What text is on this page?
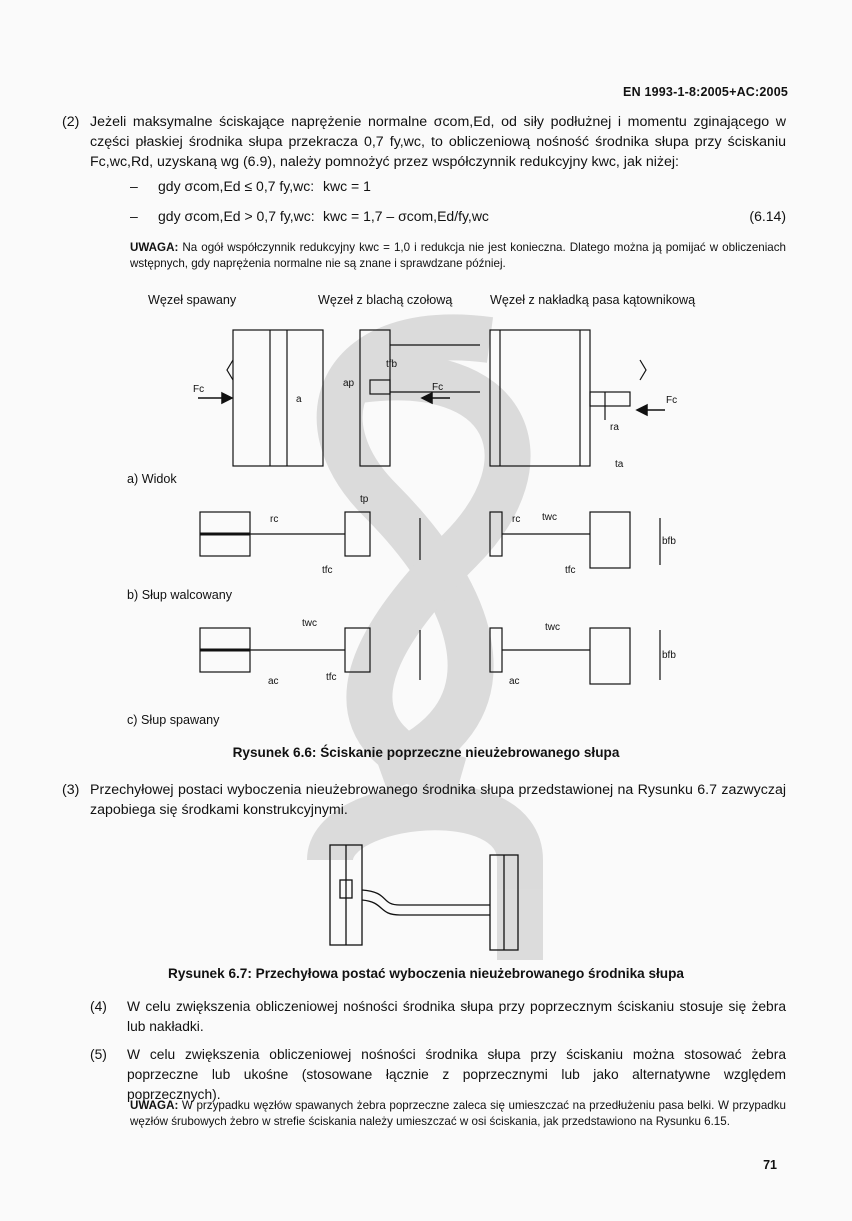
EN 1993-1-8:2005+AC:2005
(2) Jeżeli maksymalne ściskające naprężenie normalne σcom,Ed, od siły podłużnej i momentu zginającego w części płaskiej środnika słupa przekracza 0,7 fy,wc, to obliczeniową nośność środnika słupa przy ściskaniu Fc,wc,Rd, uzyskaną wg (6.9), należy pomnożyć przez współczynnik redukcyjny kwc, jak niżej:
– gdy σcom,Ed ≤ 0,7 fy,wc: kwc = 1
– gdy σcom,Ed > 0,7 fy,wc: kwc = 1,7 – σcom,Ed/fy,wc	(6.14)
UWAGA: Na ogół współczynnik redukcyjny kwc = 1,0 i redukcja nie jest konieczna. Dlatego można ją pomijać w obliczeniach wstępnych, gdy naprężenia normalne nie są znane i sprawdzane później.
Węzeł spawany	Węzeł z blachą czołową	Węzeł z nakładką pasa kątownikową
a) Widok
b) Słup walcowany
c) Słup spawany
Fc
a
ap
tfb
Fc
Fc
ra
ta
rc	rc twc
tp
tfc	tfc
bfb
twc	twc
ac	ac
tfc
bfb
Rysunek 6.6: Ściskanie poprzeczne nieużebrowanego słupa
(3) Przechyłowej postaci wyboczenia nieużebrowanego środnika słupa przedstawionej na Rysunku 6.7 zazwyczaj zapobiega się środkami konstrukcyjnymi.
Rysunek 6.7: Przechyłowa postać wyboczenia nieużebrowanego środnika słupa
(4) W celu zwiększenia obliczeniowej nośności środnika słupa przy poprzecznym ściskaniu stosuje się żebra lub nakładki.
(5) W celu zwiększenia obliczeniowej nośności środnika słupa przy ściskaniu można stosować żebra poprzeczne lub ukośne (stosowane łącznie z poprzecznymi lub jako alternatywne względem poprzecznych).
UWAGA: W przypadku węzłów spawanych żebra poprzeczne zaleca się umieszczać na przedłużeniu pasa belki. W przypadku węzłów śrubowych żebro w strefie ściskania należy umieszczać w osi ściskania, jak przedstawiono na Rysunku 6.15.
71
